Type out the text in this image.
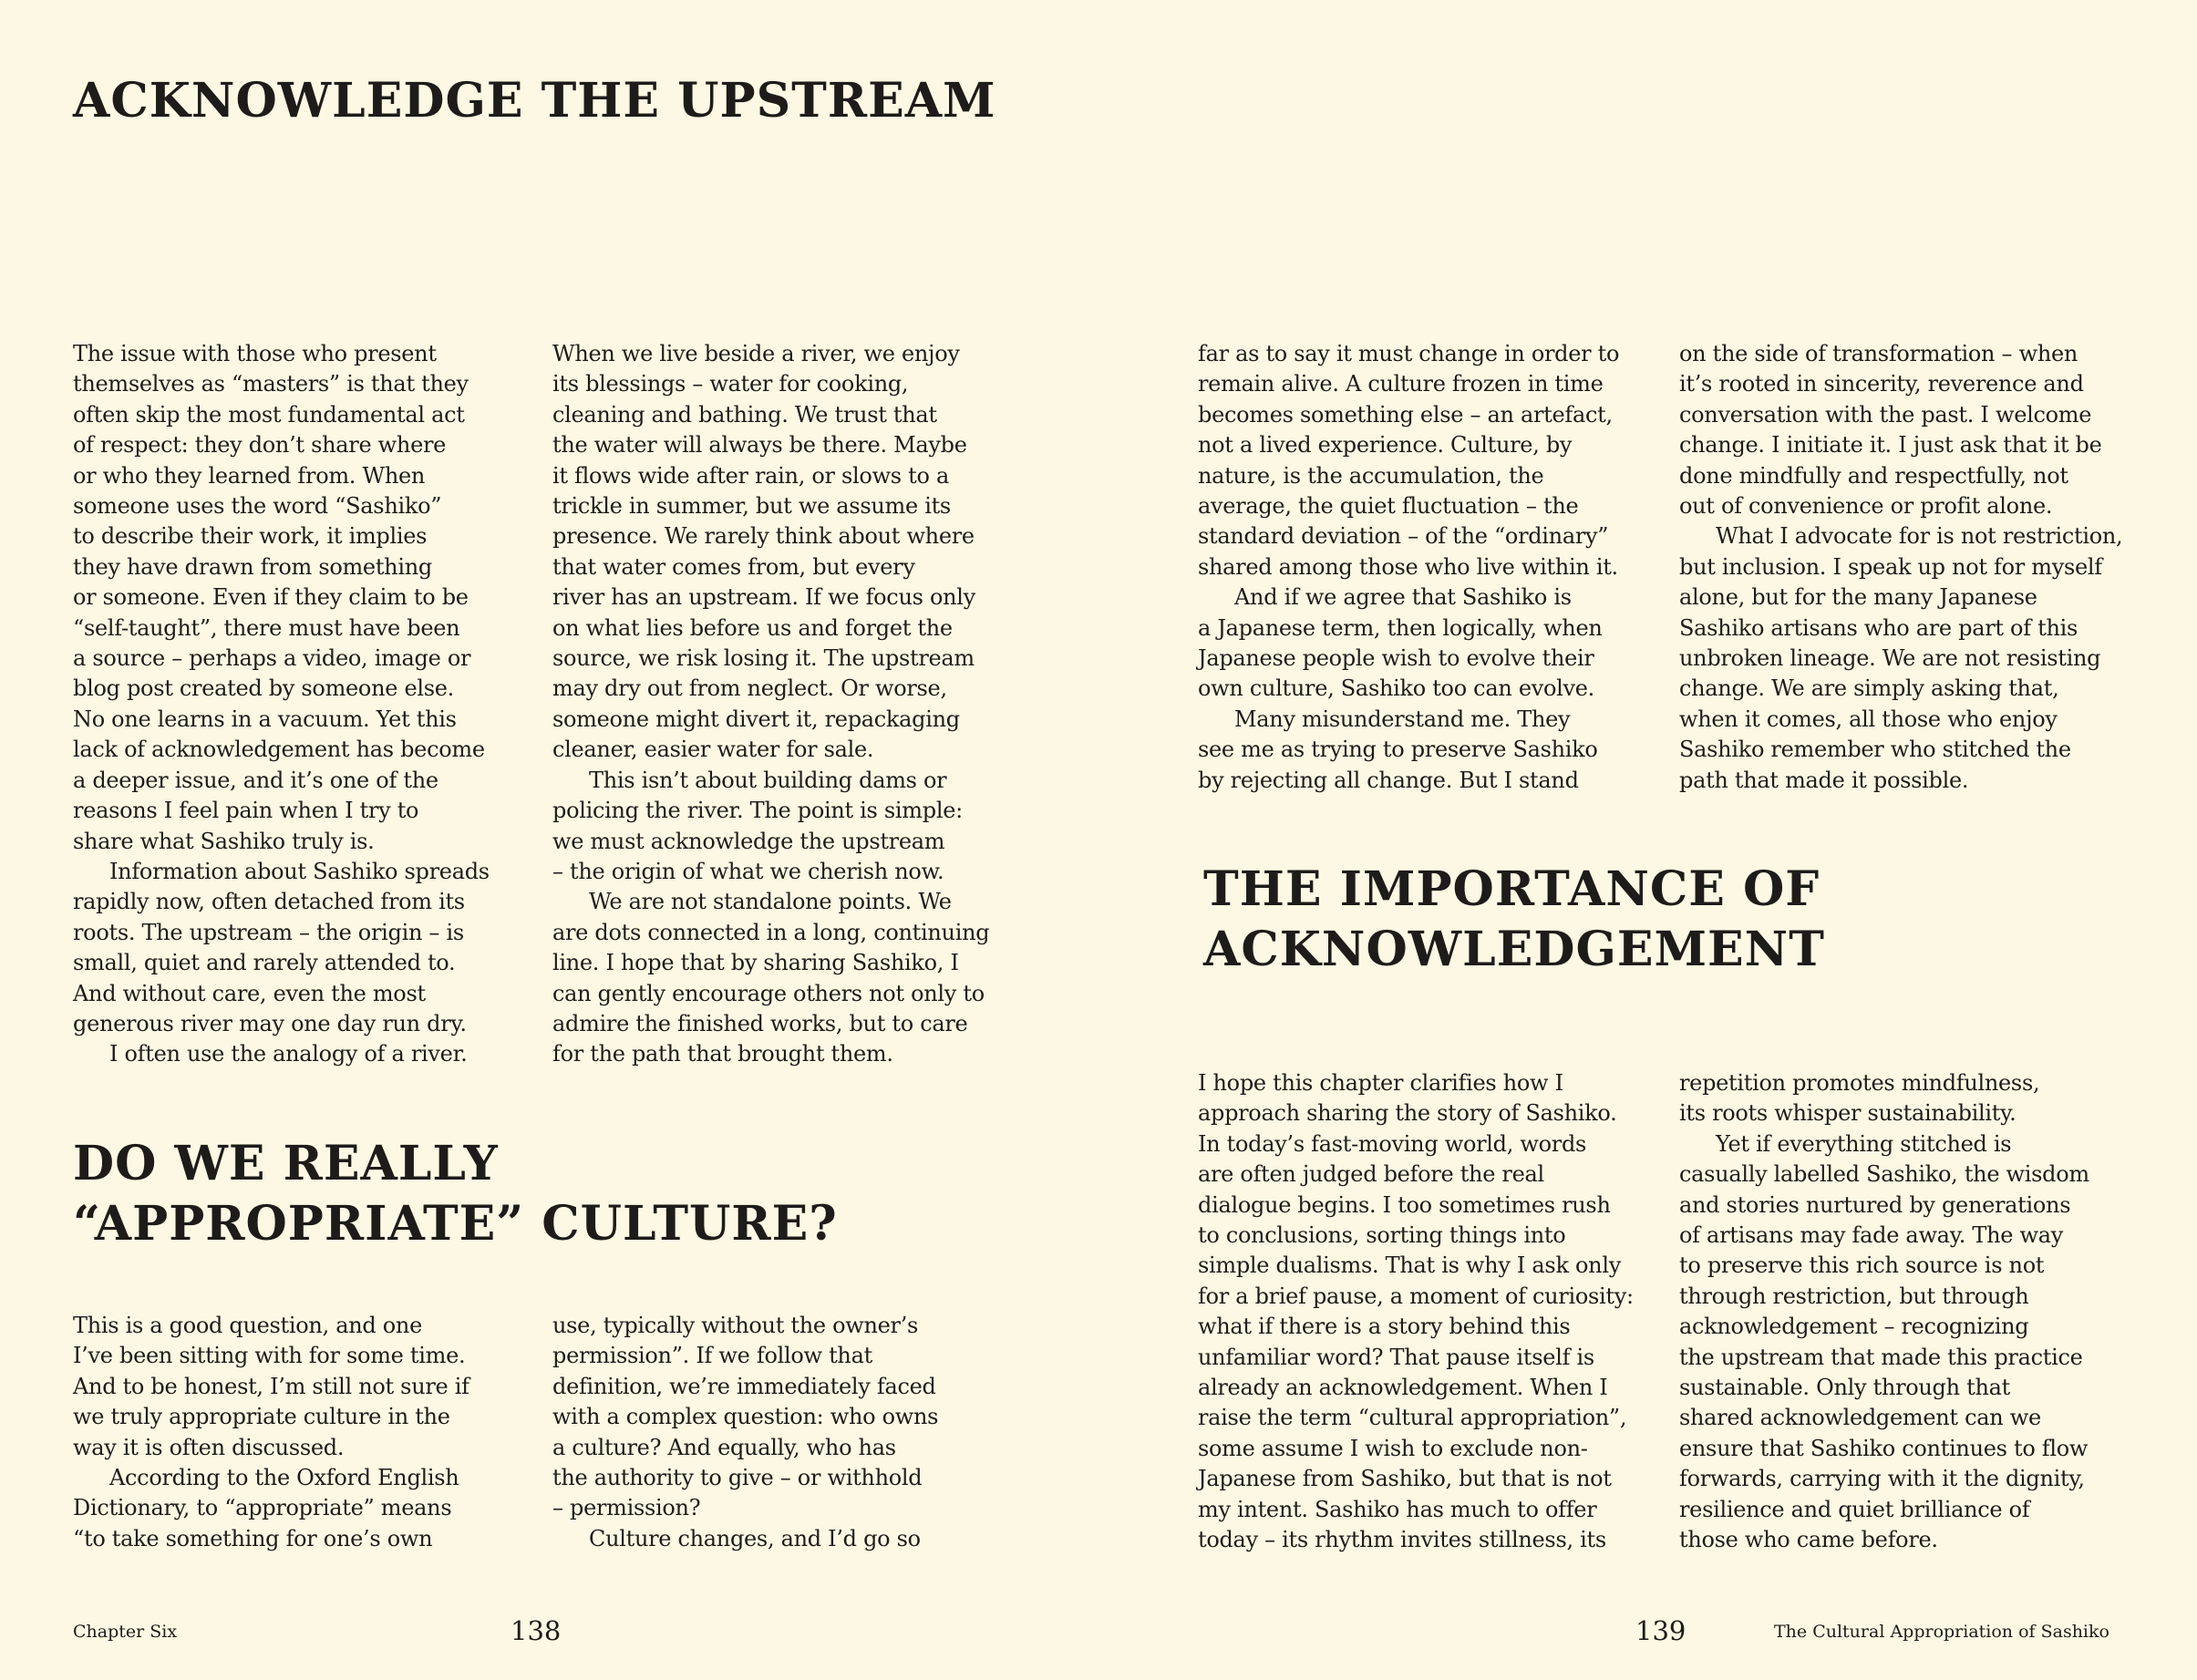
ACKNOWLEDGE THE UPSTREAM

The issue with those who present
themselves as “masters” is that they
often skip the most fundamental act
of respect: they don’t share where
or who they learned from. When
someone uses the word “Sashiko”
to describe their work, it implies
they have drawn from something
or someone. Even if they claim to be
“self-taught”, there must have been
a source – perhaps a video, image or
blog post created by someone else.
No one learns in a vacuum. Yet this
lack of acknowledgement has become
a deeper issue, and it’s one of the
reasons I feel pain when I try to
share what Sashiko truly is.

Information about Sashiko spreads
rapidly now, often detached from its
roots. The upstream – the origin – is
small, quiet and rarely attended to.
And without care, even the most
generous river may one day run dry.

I often use the analogy of a river.

When we live beside a river, we enjoy
its blessings – water for cooking,
cleaning and bathing. We trust that
the water will always be there. Maybe
it flows wide after rain, or slows to a
trickle in summer, but we assume its
presence. We rarely think about where
that water comes from, but every
river has an upstream. If we focus only
on what lies before us and forget the
source, we risk losing it. The upstream
may dry out from neglect. Or worse,
someone might divert it, repackaging
cleaner, easier water for sale.

This isn’t about building dams or
policing the river. The point is simple:
we must acknowledge the upstream
– the origin of what we cherish now.

We are not standalone points. We
are dots connected in a long, continuing
line. I hope that by sharing Sashiko, I
can gently encourage others not only to
admire the finished works, but to care
for the path that brought them.

DO WE REALLY
“APPROPRIATE” CULTURE?

This is a good question, and one
I’ve been sitting with for some time.
And to be honest, I’m still not sure if
we truly appropriate culture in the
way it is often discussed.

According to the Oxford English
Dictionary, to “appropriate” means
“to take something for one’s own

use, typically without the owner’s
permission”. If we follow that
definition, we’re immediately faced
with a complex question: who owns
a culture? And equally, who has
the authority to give – or withhold
– permission?

Culture changes, and I’d go so

Chapter Six	138

far as to say it must change in order to
remain alive. A culture frozen in time
becomes something else – an artefact,
not a lived experience. Culture, by
nature, is the accumulation, the
average, the quiet fluctuation – the
standard deviation – of the “ordinary”
shared among those who live within it.

And if we agree that Sashiko is
a Japanese term, then logically, when
Japanese people wish to evolve their
own culture, Sashiko too can evolve.

Many misunderstand me. They
see me as trying to preserve Sashiko
by rejecting all change. But I stand

on the side of transformation – when
it’s rooted in sincerity, reverence and
conversation with the past. I welcome
change. I initiate it. I just ask that it be
done mindfully and respectfully, not
out of convenience or profit alone.

What I advocate for is not restriction,
but inclusion. I speak up not for myself
alone, but for the many Japanese
Sashiko artisans who are part of this
unbroken lineage. We are not resisting
change. We are simply asking that,
when it comes, all those who enjoy
Sashiko remember who stitched the
path that made it possible.

THE IMPORTANCE OF
ACKNOWLEDGEMENT

I hope this chapter clarifies how I
approach sharing the story of Sashiko.
In today’s fast-moving world, words
are often judged before the real
dialogue begins. I too sometimes rush
to conclusions, sorting things into
simple dualisms. That is why I ask only
for a brief pause, a moment of curiosity:
what if there is a story behind this
unfamiliar word? That pause itself is
already an acknowledgement. When I
raise the term “cultural appropriation”,
some assume I wish to exclude non-
Japanese from Sashiko, but that is not
my intent. Sashiko has much to offer
today – its rhythm invites stillness, its

repetition promotes mindfulness,
its roots whisper sustainability.

Yet if everything stitched is
casually labelled Sashiko, the wisdom
and stories nurtured by generations
of artisans may fade away. The way
to preserve this rich source is not
through restriction, but through
acknowledgement – recognizing
the upstream that made this practice
sustainable. Only through that
shared acknowledgement can we
ensure that Sashiko continues to flow
forwards, carrying with it the dignity,
resilience and quiet brilliance of
those who came before.

139	The Cultural Appropriation of Sashiko
